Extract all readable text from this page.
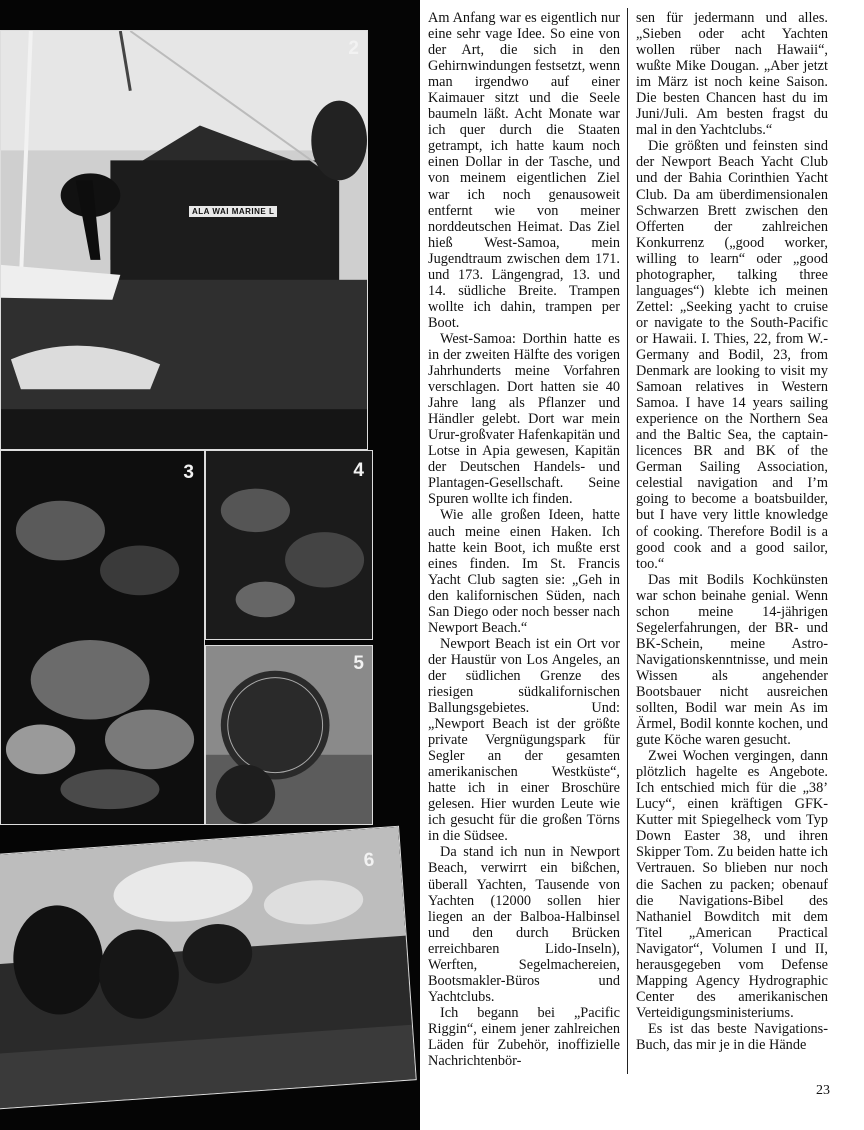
ALA WAI MARINE L
2
3	4
5
6

Am Anfang war es eigentlich nur eine sehr vage Idee. So eine von der Art, die sich in den Gehirnwindungen festsetzt, wenn man irgendwo auf einer Kaimauer sitzt und die Seele baumeln läßt. Acht Monate war ich quer durch die Staaten getrampt, ich hatte kaum noch einen Dollar in der Tasche, und von meinem eigentlichen Ziel war ich noch genausoweit entfernt wie von meiner norddeutschen Heimat. Das Ziel hieß West-Samoa, mein Jugendtraum zwischen dem 171. und 173. Längengrad, 13. und 14. südliche Breite. Trampen wollte ich dahin, trampen per Boot.

West-Samoa: Dorthin hatte es in der zweiten Hälfte des vorigen Jahrhunderts meine Vorfahren verschlagen. Dort hatten sie 40 Jahre lang als Pflanzer und Händler gelebt. Dort war mein Urur-großvater Hafenkapitän und Lotse in Apia gewesen, Kapitän der Deutschen Handels- und Plantagen-Gesellschaft. Seine Spuren wollte ich finden.

Wie alle großen Ideen, hatte auch meine einen Haken. Ich hatte kein Boot, ich mußte erst eines finden. Im St. Francis Yacht Club sagten sie: „Geh in den kalifornischen Süden, nach San Diego oder noch besser nach Newport Beach.“

Newport Beach ist ein Ort vor der Haustür von Los Angeles, an der südlichen Grenze des riesigen südkalifornischen Ballungsgebietes. Und: „Newport Beach ist der größte private Vergnügungspark für Segler an der gesamten amerikanischen Westküste“, hatte ich in einer Broschüre gelesen. Hier wurden Leute wie ich gesucht für die großen Törns in die Südsee.

Da stand ich nun in Newport Beach, verwirrt ein bißchen, überall Yachten, Tausende von Yachten (12000 sollen hier liegen an der Balboa-Halbinsel und den durch Brücken erreichbaren Lido-Inseln), Werften, Segelmachereien, Bootsmakler-Büros und Yachtclubs.

Ich begann bei „Pacific Riggin“, einem jener zahlreichen Läden für Zubehör, inoffizielle Nachrichtenbör-

sen für jedermann und alles. „Sieben oder acht Yachten wollen rüber nach Hawaii“, wußte Mike Dougan. „Aber jetzt im März ist noch keine Saison. Die besten Chancen hast du im Juni/Juli. Am besten fragst du mal in den Yachtclubs.“

Die größten und feinsten sind der Newport Beach Yacht Club und der Bahia Corinthien Yacht Club. Da am überdimensionalen Schwarzen Brett zwischen den Offerten der zahlreichen Konkurrenz („good worker, willing to learn“ oder „good photographer, talking three languages“) klebte ich meinen Zettel: „Seeking yacht to cruise or navigate to the South-Pacific or Hawaii. I. Thies, 22, from W.-Germany and Bodil, 23, from Denmark are looking to visit my Samoan relatives in Western Samoa. I have 14 years sailing experience on the Northern Sea and the Baltic Sea, the captain-licences BR and BK of the German Sailing Association, celestial navigation and I’m going to become a boatsbuilder, but I have very little knowledge of cooking. Therefore Bodil is a good cook and a good sailor, too.“

Das mit Bodils Kochkünsten war schon beinahe genial. Wenn schon meine 14-jährigen Segelerfahrungen, der BR- und BK-Schein, meine Astro-Navigationskenntnisse, und mein Wissen als angehender Bootsbauer nicht ausreichen sollten, Bodil war mein As im Ärmel, Bodil konnte kochen, und gute Köche waren gesucht.

Zwei Wochen vergingen, dann plötzlich hagelte es Angebote. Ich entschied mich für die „38’ Lucy“, einen kräftigen GFK-Kutter mit Spiegelheck vom Typ Down Easter 38, und ihren Skipper Tom. Zu beiden hatte ich Vertrauen. So blieben nur noch die Sachen zu packen; obenauf die Navigations-Bibel des Nathaniel Bowditch mit dem Titel „American Practical Navigator“, Volumen I und II, herausgegeben vom Defense Mapping Agency Hydrographic Center des amerikanischen Verteidigungsministeriums.

Es ist das beste Navigations-Buch, das mir je in die Hände

23
